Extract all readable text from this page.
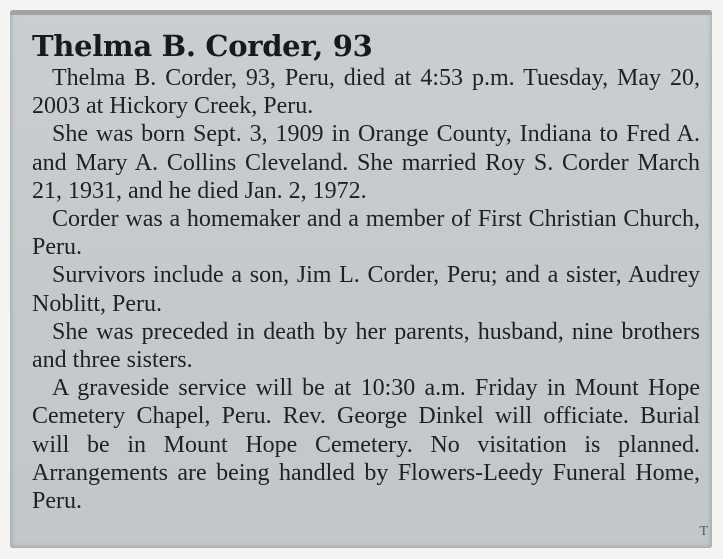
Thelma B. Corder, 93

Thelma B. Corder, 93, Peru, died at 4:53 p.m. Tuesday, May 20, 2003 at Hickory Creek, Peru.

She was born Sept. 3, 1909 in Orange County, Indiana to Fred A. and Mary A. Collins Cleveland. She married Roy S. Corder March 21, 1931, and he died Jan. 2, 1972.

Corder was a homemaker and a member of First Christian Church, Peru.

Survivors include a son, Jim L. Corder, Peru; and a sister, Audrey Noblitt, Peru.

She was preceded in death by her parents, husband, nine brothers and three sisters.

A graveside service will be at 10:30 a.m. Friday in Mount Hope Cemetery Chapel, Peru. Rev. George Dinkel will officiate. Burial will be in Mount Hope Cemetery. No visitation is planned. Arrangements are being handled by Flowers-Leedy Funeral Home, Peru.

T
